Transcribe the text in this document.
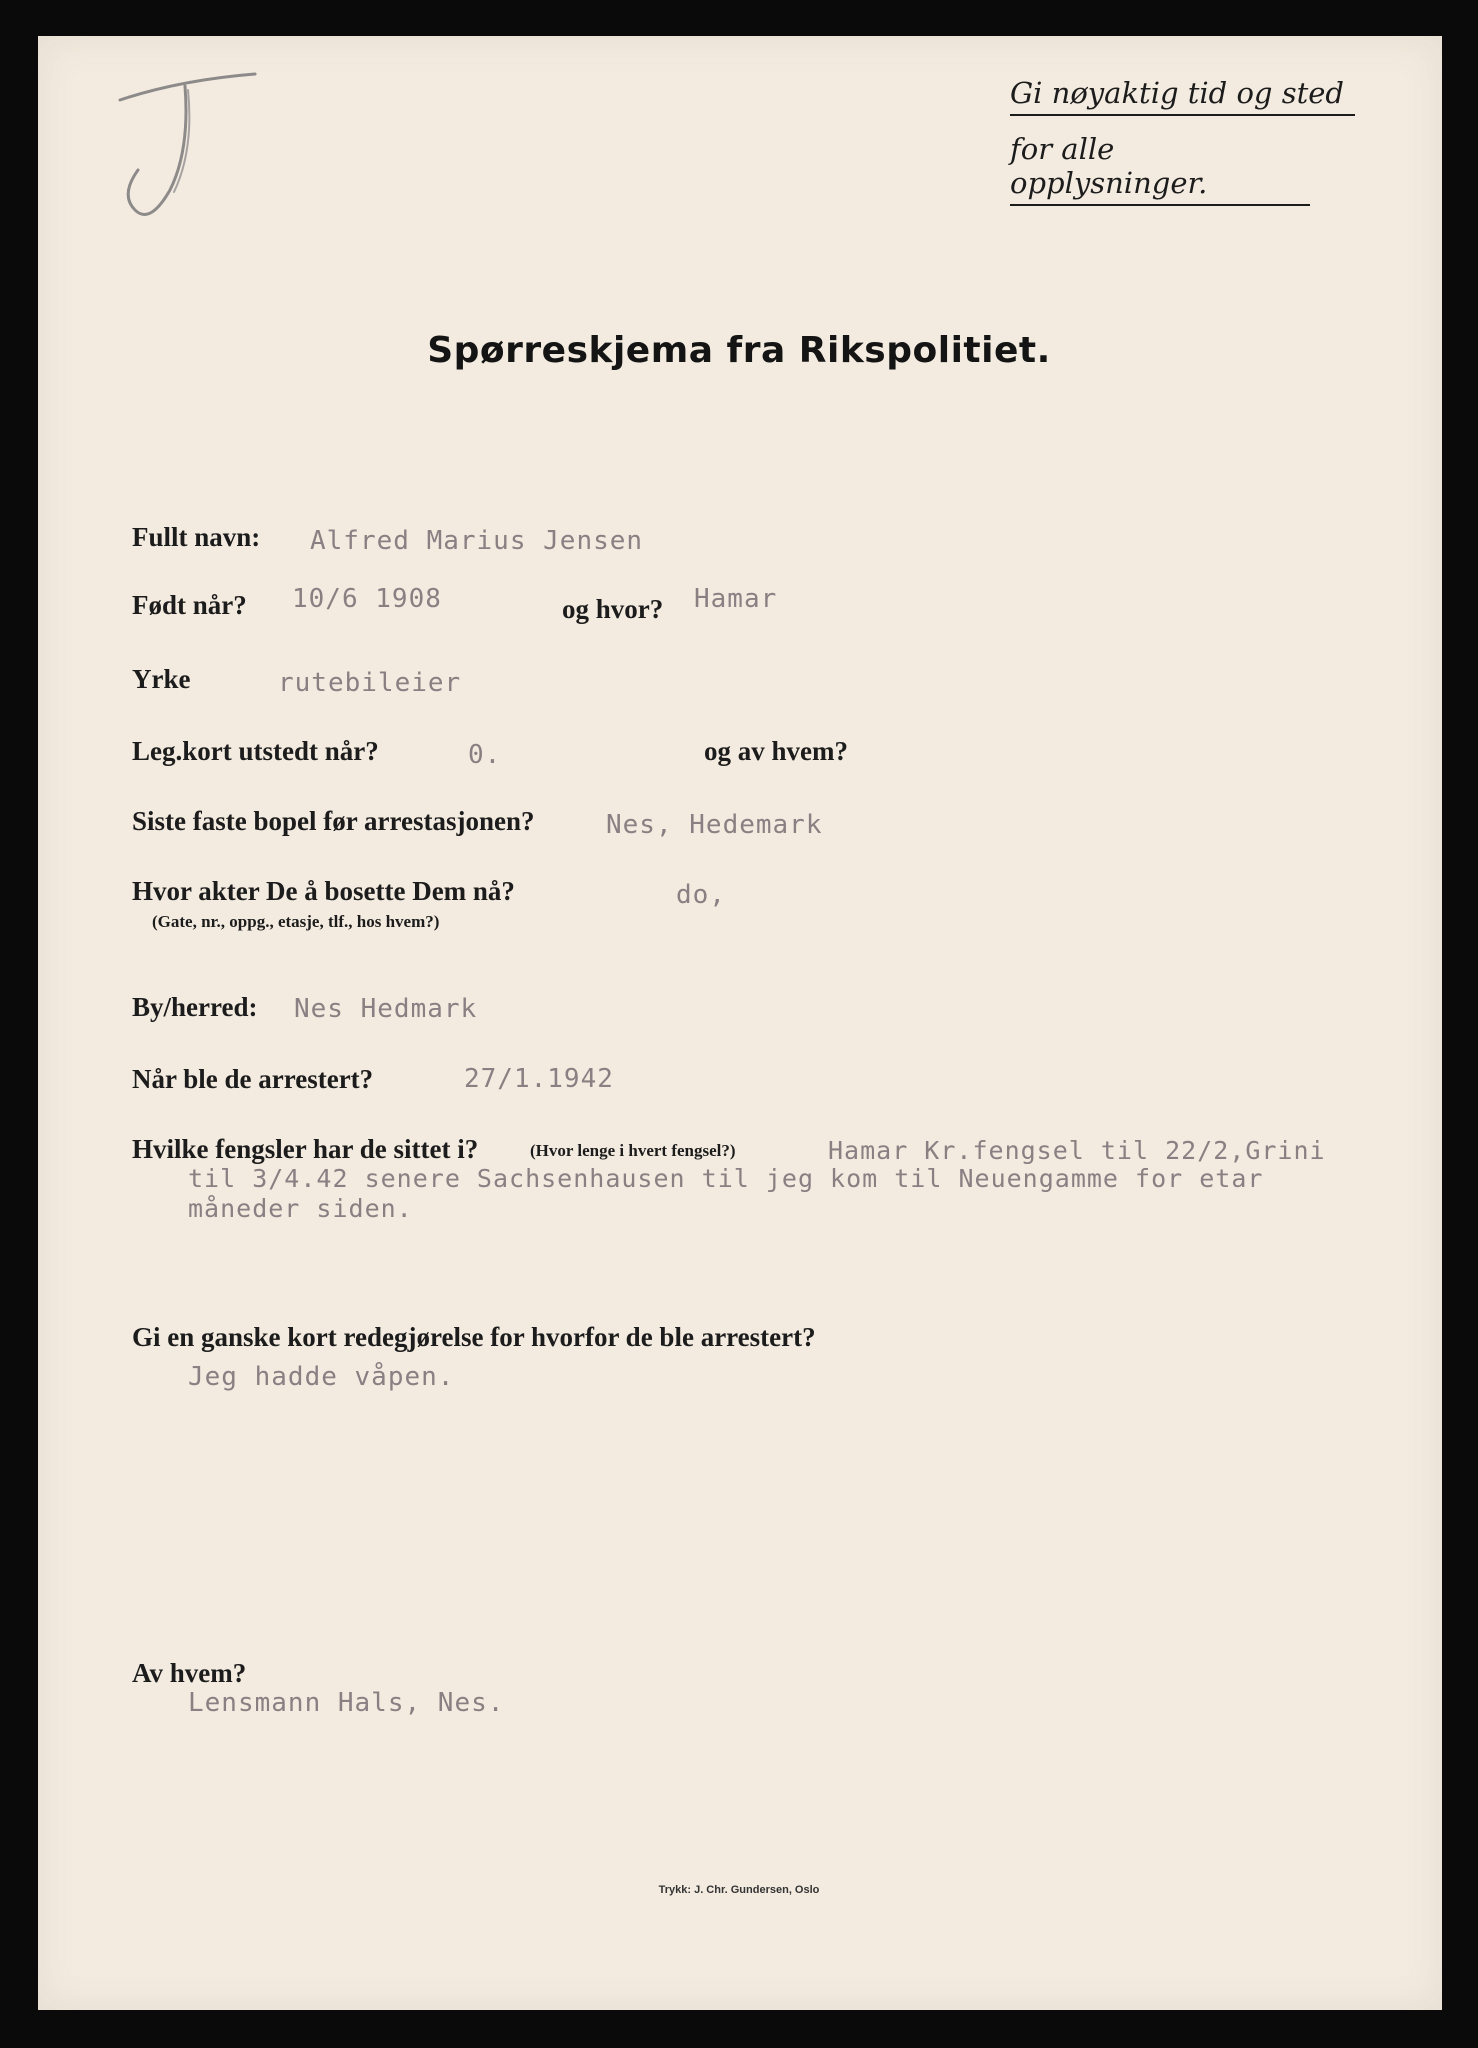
Gi nøyaktig tid og sted
for alle opplysninger.
Spørreskjema fra Rikspolitiet.
Fullt navn: Alfred Marius Jensen
Født når? 10/6 1908	og hvor? Hamar
Yrke	rutebileier
Leg.kort utstedt når?	0.	og av hvem?
Siste faste bopel før arrestasjonen?	Nes, Hedemark
Hvor akter De å bosette Dem nå?
(Gate, nr., oppg., etasje, tlf., hos hvem?)
do,
By/herred: Nes Hedmark
Når ble de arrestert?	27/1.1942
Hvilke fengsler har de sittet i?	(Hvor lenge i hvert fengsel?)	Hamar Kr.fengsel til 22/2,Grini
til 3/4.42 senere Sachsenhausen til jeg kom til Neuengamme for etar
måneder siden.
Gi en ganske kort redegjørelse for hvorfor de ble arrestert?
Jeg hadde våpen.
Av hvem?
Lensmann Hals, Nes.
Trykk: J. Chr. Gundersen, Oslo
